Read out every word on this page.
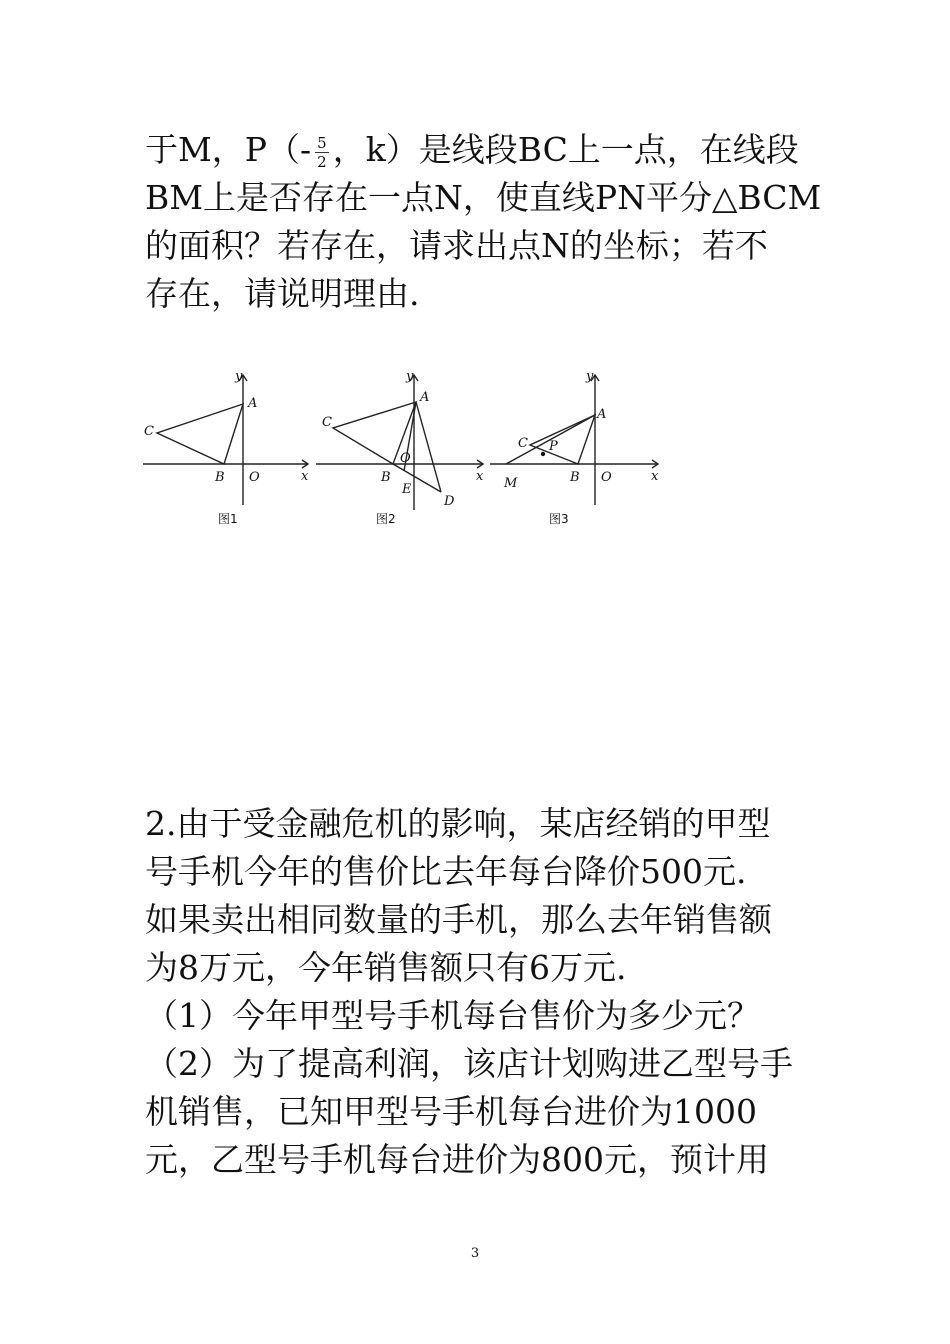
于M，$P(- \frac{5}{2}$ ，k）是线段BC上一点，在线段
BM上是否存在一点N，使直线PN平分△BCM
的面积？若存在，请求出点N的坐标；若不
存在，请说明理由.
x
y
A
B
C
O
图1
x
y
A
B
C
O
D
E
图2
x
y
A
B
C
O
P
M
图3
2.由于受金融危机的影响，某店经销的甲型
号手机今年的售价比去年每台降价500元.
如果卖出相同数量的手机，那么去年销售额
为8万元，今年销售额只有6万元.
（1）今年甲型号手机每台售价为多少元？
（2）为了提高利润，该店计划购进乙型号手
机销售，已知甲型号手机每台进价为1000
元，乙型号手机每台进价为800元，预计用
3
